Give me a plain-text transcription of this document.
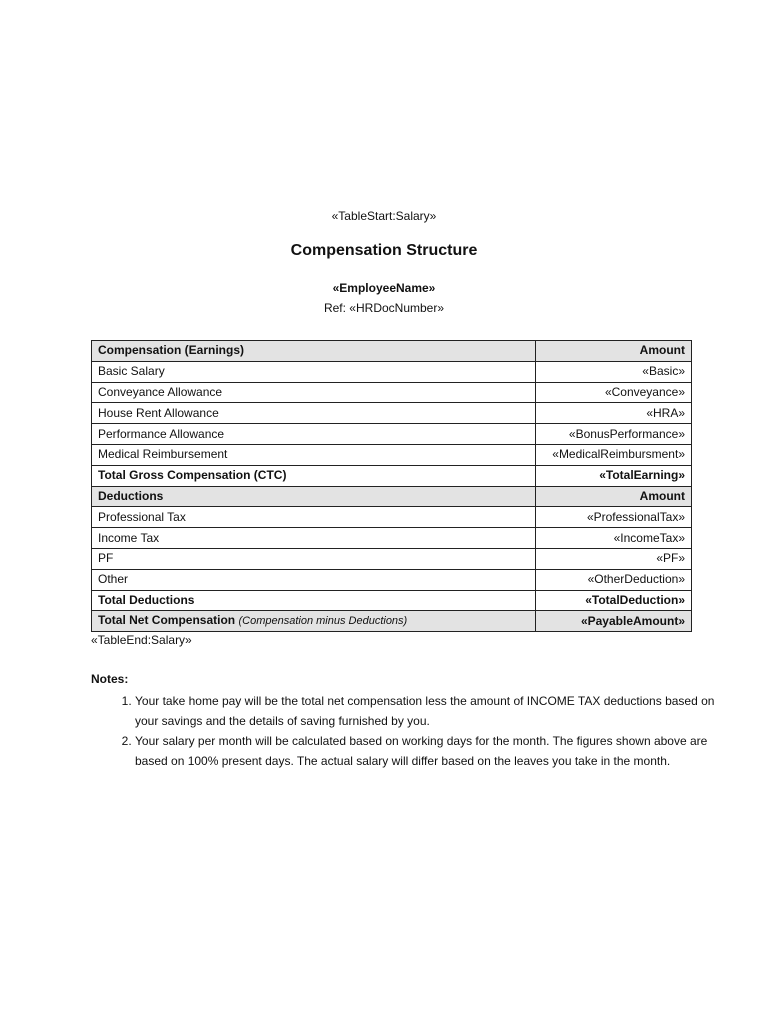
«TableStart:Salary»
Compensation Structure
«EmployeeName»
Ref: «HRDocNumber»
Compensation (Earnings)	Amount
Basic Salary	«Basic»
Conveyance Allowance	«Conveyance»
House Rent Allowance	«HRA»
Performance Allowance	«BonusPerformance»
Medical Reimbursement	«MedicalReimbursment»
Total Gross Compensation (CTC)	«TotalEarning»
Deductions	Amount
Professional Tax	«ProfessionalTax»
Income Tax	«IncomeTax»
PF	«PF»
Other	«OtherDeduction»
Total Deductions	«TotalDeduction»
Total Net Compensation (Compensation minus Deductions)	«PayableAmount»
«TableEnd:Salary»
Notes:
1. Your take home pay will be the total net compensation less the amount of INCOME TAX deductions based on your savings and the details of saving furnished by you.
2. Your salary per month will be calculated based on working days for the month. The figures shown above are based on 100% present days. The actual salary will differ based on the leaves you take in the month.
